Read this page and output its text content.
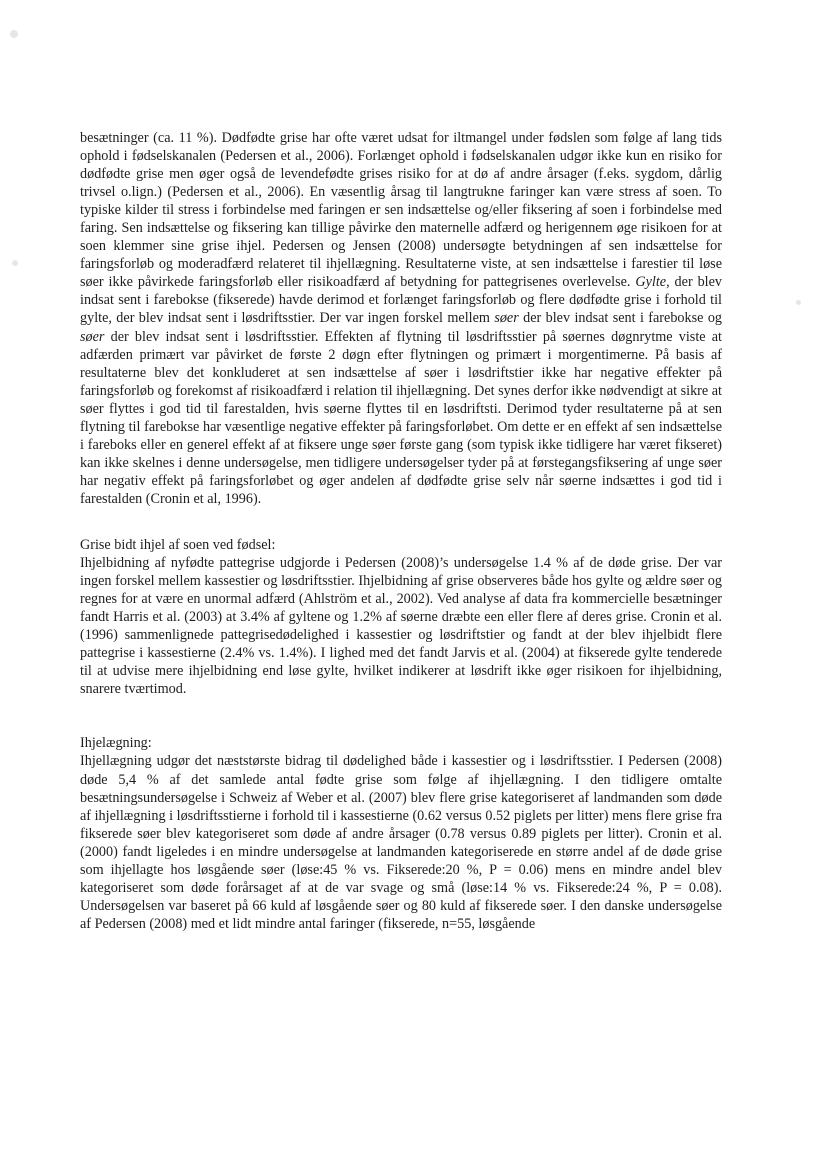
besætninger (ca. 11 %). Dødfødte grise har ofte været udsat for iltmangel under fødslen som følge af lang tids ophold i fødselskanalen (Pedersen et al., 2006). Forlænget ophold i fødselskanalen udgør ikke kun en risiko for dødfødte grise men øger også de levendefødte grises risiko for at dø af andre årsager (f.eks. sygdom, dårlig trivsel o.lign.) (Pedersen et al., 2006). En væsentlig årsag til langtrukne faringer kan være stress af soen. To typiske kilder til stress i forbindelse med faringen er sen indsættelse og/eller fiksering af soen i forbindelse med faring. Sen indsættelse og fiksering kan tillige påvirke den maternelle adfærd og herigennem øge risikoen for at soen klemmer sine grise ihjel. Pedersen og Jensen (2008) undersøgte betydningen af sen indsættelse for faringsforløb og moderadfærd relateret til ihjellægning. Resultaterne viste, at sen indsættelse i farestier til løse søer ikke påvirkede faringsforløb eller risikoadfærd af betydning for pattegrisenes overlevelse. Gylte, der blev indsat sent i farebokse (fikserede) havde derimod et forlænget faringsforløb og flere dødfødte grise i forhold til gylte, der blev indsat sent i løsdriftsstier. Der var ingen forskel mellem søer der blev indsat sent i farebokse og søer der blev indsat sent i løsdriftsstier. Effekten af flytning til løsdriftsstier på søernes døgnrytme viste at adfærden primært var påvirket de første 2 døgn efter flytningen og primært i morgentimerne. På basis af resultaterne blev det konkluderet at sen indsættelse af søer i løsdriftstier ikke har negative effekter på faringsforløb og forekomst af risikoadfærd i relation til ihjellægning. Det synes derfor ikke nødvendigt at sikre at søer flyttes i god tid til farestalden, hvis søerne flyttes til en løsdriftsti. Derimod tyder resultaterne på at sen flytning til farebokse har væsentlige negative effekter på faringsforløbet. Om dette er en effekt af sen indsættelse i fareboks eller en generel effekt af at fiksere unge søer første gang (som typisk ikke tidligere har været fikseret) kan ikke skelnes i denne undersøgelse, men tidligere undersøgelser tyder på at førstegangsfiksering af unge søer har negativ effekt på faringsforløbet og øger andelen af dødfødte grise selv når søerne indsættes i god tid i farestalden (Cronin et al, 1996).

Grise bidt ihjel af soen ved fødsel:

Ihjelbidning af nyfødte pattegrise udgjorde i Pedersen (2008)’s undersøgelse 1.4 % af de døde grise. Der var ingen forskel mellem kassestier og løsdriftsstier. Ihjelbidning af grise observeres både hos gylte og ældre søer og regnes for at være en unormal adfærd (Ahlström et al., 2002). Ved analyse af data fra kommercielle besætninger fandt Harris et al. (2003) at 3.4% af gyltene og 1.2% af søerne dræbte een eller flere af deres grise. Cronin et al. (1996) sammenlignede pattegrisedødelighed i kassestier og løsdriftstier og fandt at der blev ihjelbidt flere pattegrise i kassestierne (2.4% vs. 1.4%). I lighed med det fandt Jarvis et al. (2004) at fikserede gylte tenderede til at udvise mere ihjelbidning end løse gylte, hvilket indikerer at løsdrift ikke øger risikoen for ihjelbidning, snarere tværtimod.

Ihjelægning:

Ihjellægning udgør det næststørste bidrag til dødelighed både i kassestier og i løsdriftsstier. I Pedersen (2008) døde 5,4 % af det samlede antal fødte grise som følge af ihjellægning. I den tidligere omtalte besætningsundersøgelse i Schweiz af Weber et al. (2007) blev flere grise kategoriseret af landmanden som døde af ihjellægning i løsdriftsstierne i forhold til i kassestierne (0.62 versus 0.52 piglets per litter) mens flere grise fra fikserede søer blev kategoriseret som døde af andre årsager (0.78 versus 0.89 piglets per litter). Cronin et al. (2000) fandt ligeledes i en mindre undersøgelse at landmanden kategoriserede en større andel af de døde grise som ihjellagte hos løsgående søer (løse:45 % vs. Fikserede:20 %, P = 0.06) mens en mindre andel blev kategoriseret som døde forårsaget af at de var svage og små (løse:14 % vs. Fikserede:24 %, P = 0.08). Undersøgelsen var baseret på 66 kuld af løsgående søer og 80 kuld af fikserede søer. I den danske undersøgelse af Pedersen (2008) med et lidt mindre antal faringer (fikserede, n=55, løsgående
